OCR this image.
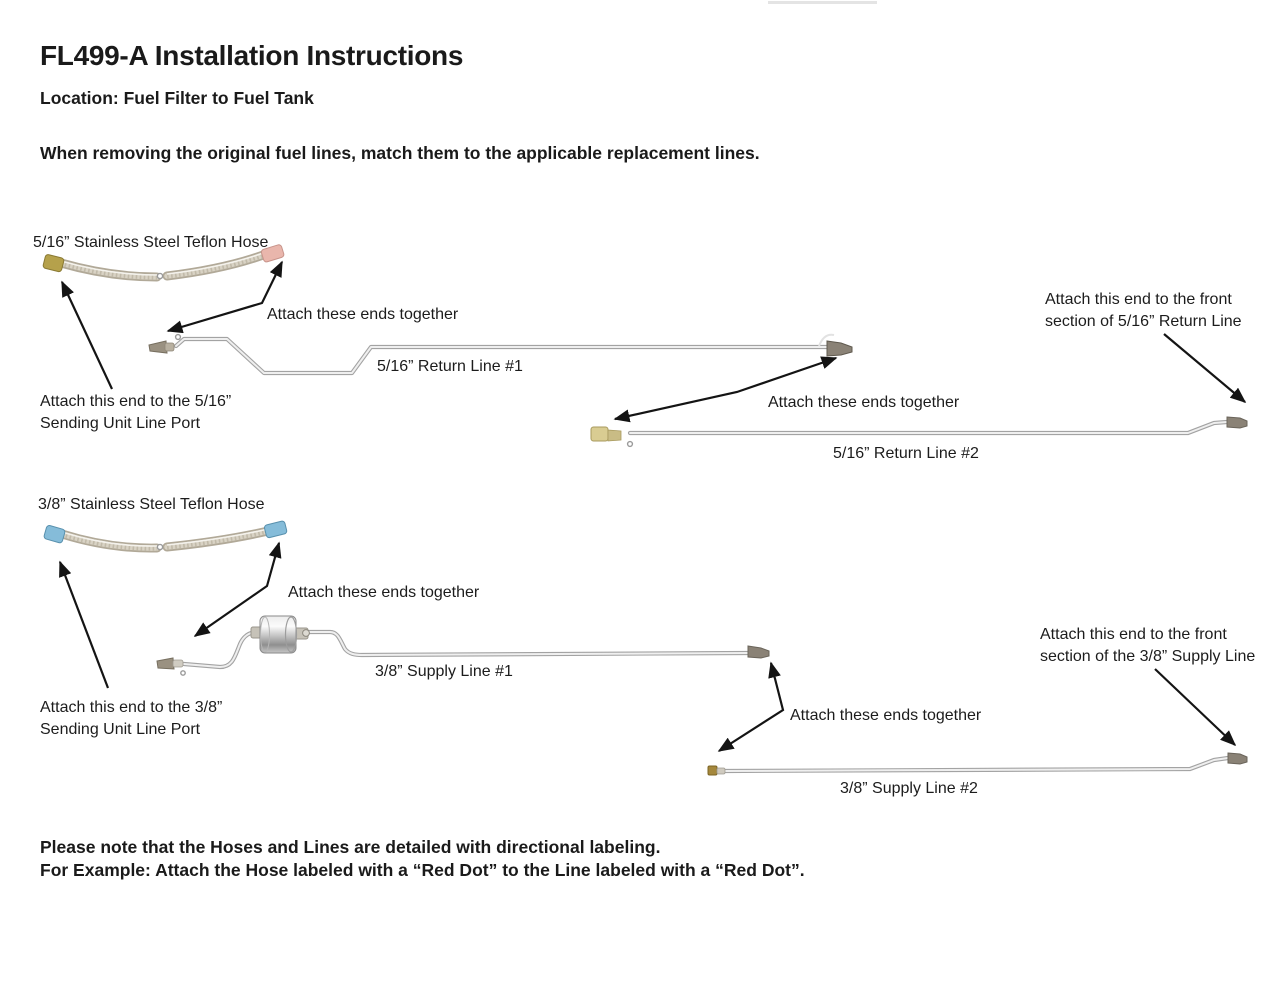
FL499-A Installation Instructions
Location: Fuel Filter to Fuel Tank
When removing the original fuel lines, match them to the applicable replacement lines.
5/16” Stainless Steel Teflon Hose
Attach these ends together
5/16” Return Line #1
Attach this end to the 5/16”
Sending Unit Line Port
Attach this end to the front
section of 5/16” Return Line
Attach these ends together
5/16” Return Line #2
3/8” Stainless Steel Teflon Hose
Attach these ends together
3/8” Supply Line #1
Attach this end to the 3/8”
Sending Unit Line Port
Attach this end to the front
section of the 3/8” Supply Line
Attach these ends together
3/8” Supply Line #2
Please note that the Hoses and Lines are detailed with directional labeling.
For Example: Attach the Hose labeled with a “Red Dot” to the Line labeled with a “Red Dot”.
